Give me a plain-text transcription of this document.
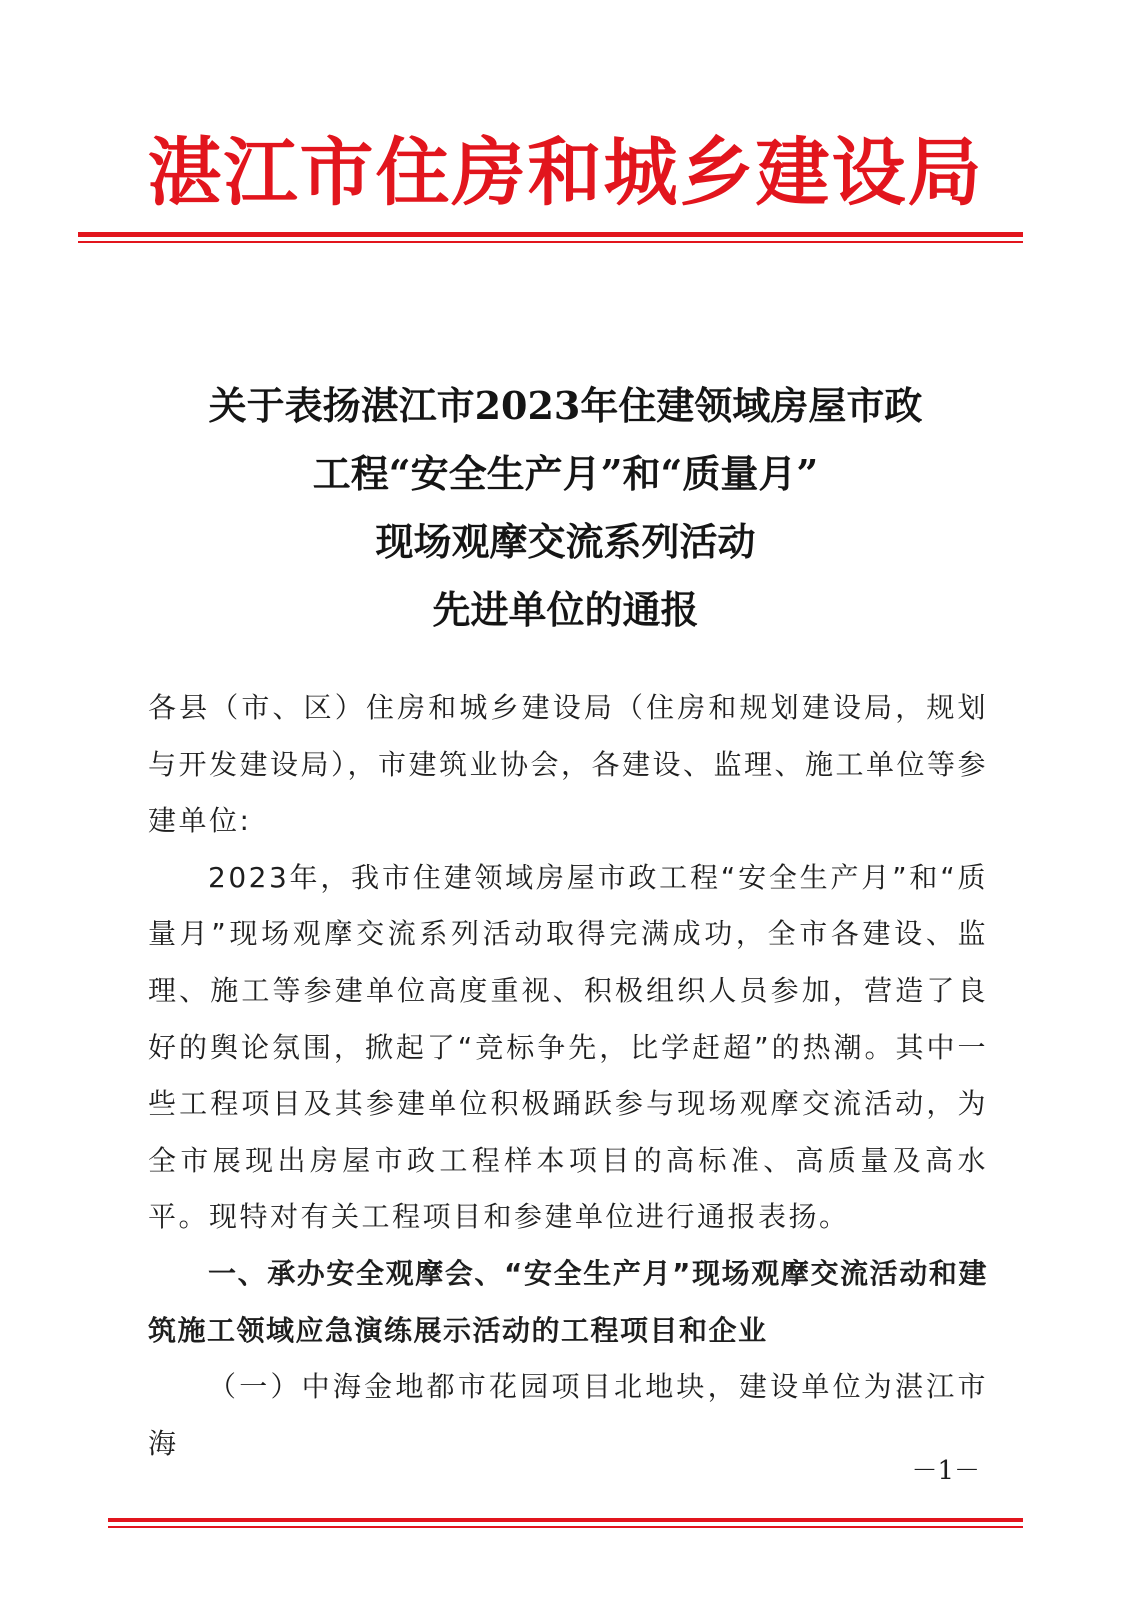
湛江市住房和城乡建设局
关于表扬湛江市2023年住建领域房屋市政
工程“安全生产月”和“质量月”
现场观摩交流系列活动
先进单位的通报

各县（市、区）住房和城乡建设局（住房和规划建设局，规划与开发建设局），市建筑业协会，各建设、监理、施工单位等参建单位:

2023年，我市住建领域房屋市政工程“安全生产月”和“质量月”现场观摩交流系列活动取得完满成功，全市各建设、监理、施工等参建单位高度重视、积极组织人员参加，营造了良好的舆论氛围，掀起了“竞标争先，比学赶超”的热潮。其中一些工程项目及其参建单位积极踊跃参与现场观摩交流活动，为全市展现出房屋市政工程样本项目的高标准、高质量及高水平。现特对有关工程项目和参建单位进行通报表扬。

一、承办安全观摩会、“安全生产月”现场观摩交流活动和建筑施工领域应急演练展示活动的工程项目和企业

（一）中海金地都市花园项目北地块，建设单位为湛江市海

－1－
